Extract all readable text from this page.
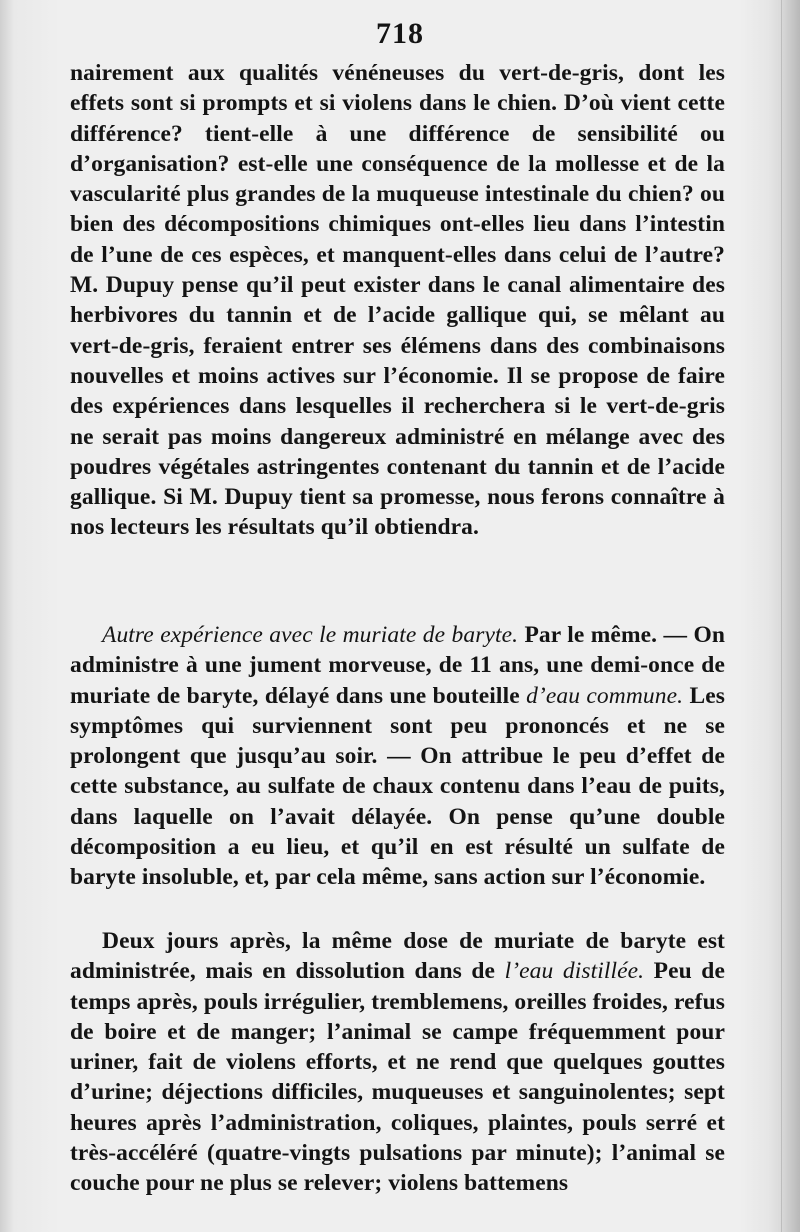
718

nairement aux qualités vénéneuses du vert-de-gris, dont les effets sont si prompts et si violens dans le chien. D’où vient cette différence? tient-elle à une différence de sensibilité ou d’organisation? est-elle une conséquence de la mollesse et de la vascularité plus grandes de la muqueuse intestinale du chien? ou bien des décompositions chimiques ont-elles lieu dans l’intestin de l’une de ces espèces, et manquent-elles dans celui de l’autre? M. Dupuy pense qu’il peut exister dans le canal alimentaire des herbivores du tannin et de l’acide gallique qui, se mêlant au vert-de-gris, feraient entrer ses élémens dans des combinaisons nouvelles et moins actives sur l’économie. Il se propose de faire des expériences dans lesquelles il recherchera si le vert-de-gris ne serait pas moins dangereux administré en mélange avec des poudres végétales astringentes contenant du tannin et de l’acide gallique. Si M. Dupuy tient sa promesse, nous ferons connaître à nos lecteurs les résultats qu’il obtiendra.

Autre expérience avec le muriate de baryte. Par le même. — On administre à une jument morveuse, de 11 ans, une demi-once de muriate de baryte, délayé dans une bouteille d’eau commune. Les symptômes qui surviennent sont peu prononcés et ne se prolongent que jusqu’au soir. — On attribue le peu d’effet de cette substance, au sulfate de chaux contenu dans l’eau de puits, dans laquelle on l’avait délayée. On pense qu’une double décomposition a eu lieu, et qu’il en est résulté un sulfate de baryte insoluble, et, par cela même, sans action sur l’économie.

Deux jours après, la même dose de muriate de baryte est administrée, mais en dissolution dans de l’eau distillée. Peu de temps après, pouls irrégulier, tremblemens, oreilles froides, refus de boire et de manger; l’animal se campe fréquemment pour uriner, fait de violens efforts, et ne rend que quelques gouttes d’urine; déjections difficiles, muqueuses et sanguinolentes; sept heures après l’administration, coliques, plaintes, pouls serré et très-accéléré (quatre-vingts pulsations par minute); l’animal se couche pour ne plus se relever; violens battemens
